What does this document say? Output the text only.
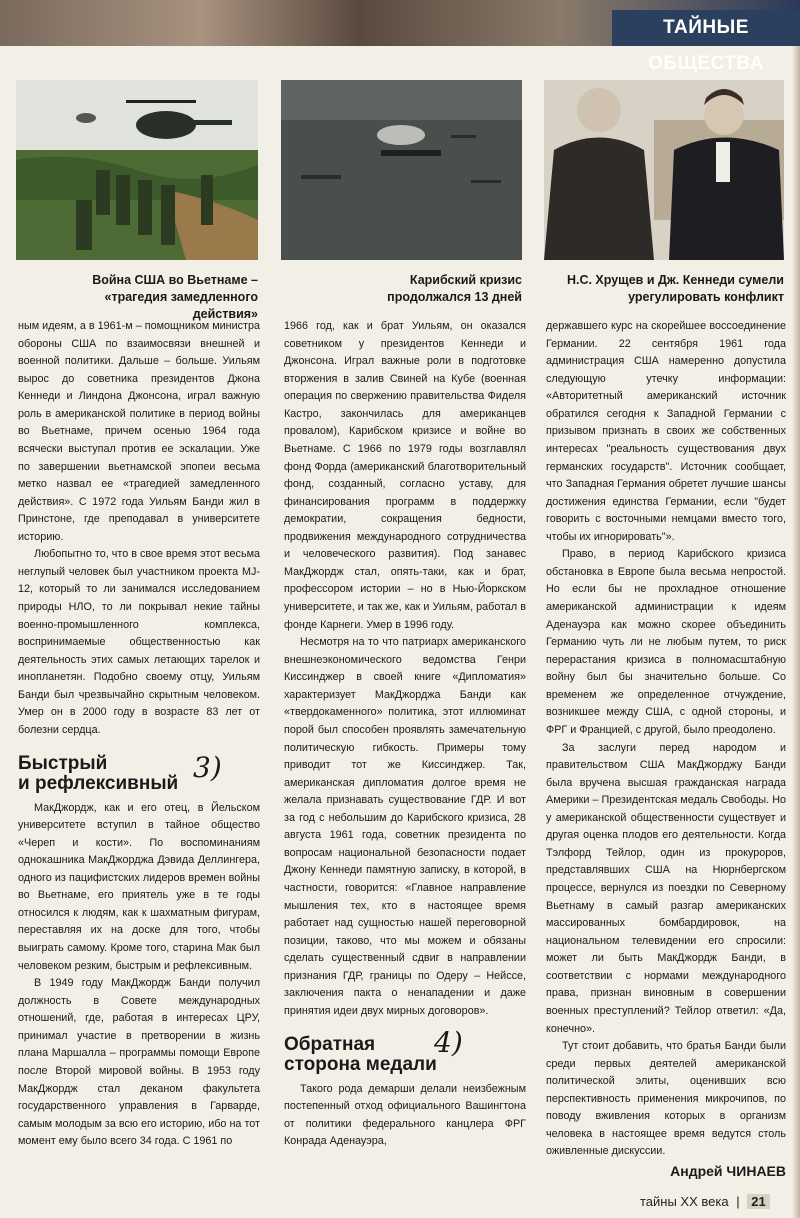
ТАЙНЫЕ ОБЩЕСТВА
Война США во Вьетнаме – «трагедия замедленного действия»
Карибский кризис продолжался 13 дней
Н.С. Хрущев и Дж. Кеннеди сумели урегулировать конфликт

ным идеям, а в 1961-м – помощником министра обороны США по взаимосвязи внешней и военной политики. Дальше – больше. Уильям вырос до советника президентов Джона Кеннеди и Линдона Джонсона, играл важную роль в американской политике в период войны во Вьетнаме, причем осенью 1964 года всячески выступал против ее эскалации. Уже по завершении вьетнамской эпопеи весьма метко назвал ее «трагедией замедленного действия». С 1972 года Уильям Банди жил в Принстоне, где преподавал в университете историю.

Любопытно то, что в свое время этот весьма неглупый человек был участником проекта MJ-12, который то ли занимался исследованием природы НЛО, то ли покрывал некие тайны военно-промышленного комплекса, воспринимаемые общественностью как деятельность этих самых летающих тарелок и инопланетян. Подобно своему отцу, Уильям Банди был чрезвычайно скрытным человеком. Умер он в 2000 году в возрасте 83 лет от болезни сердца.

Быстрый
и рефлексивный 3)

МакДжордж, как и его отец, в Йельском университете вступил в тайное общество «Череп и кости». По воспоминаниям однокашника МакДжорджа Дэвида Деллингера, одного из пацифистских лидеров времен войны во Вьетнаме, его приятель уже в те годы относился к людям, как к шахматным фигурам, переставляя их на доске для того, чтобы выиграть самому. Кроме того, старина Мак был человеком резким, быстрым и рефлексивным.

В 1949 году МакДжордж Банди получил должность в Совете международных отношений, где, работая в интересах ЦРУ, принимал участие в претворении в жизнь плана Маршалла – программы помощи Европе после Второй мировой войны. В 1953 году МакДжордж стал деканом факультета государственного управления в Гарварде, самым молодым за всю его историю, ибо на тот момент ему было всего 34 года. С 1961 по

1966 год, как и брат Уильям, он оказался советником у президентов Кеннеди и Джонсона. Играл важные роли в подготовке вторжения в залив Свиней на Кубе (военная операция по свержению правительства Фиделя Кастро, закончилась для американцев провалом), Карибском кризисе и войне во Вьетнаме. С 1966 по 1979 годы возглавлял фонд Форда (американский благотворительный фонд, созданный, согласно уставу, для финансирования программ в поддержку демократии, сокращения бедности, продвижения международного сотрудничества и человеческого развития). Под занавес МакДжордж стал, опять-таки, как и брат, профессором истории – но в Нью-Йоркском университете, и так же, как и Уильям, работал в фонде Карнеги. Умер в 1996 году.

Несмотря на то что патриарх американского внешнеэкономического ведомства Генри Киссинджер в своей книге «Дипломатия» характеризует МакДжорджа Банди как «твердокаменного» политика, этот иллюминат порой был способен проявлять замечательную политическую гибкость. Примеры тому приводит тот же Киссинджер. Так, американская дипломатия долгое время не желала признавать существование ГДР. И вот за год с небольшим до Карибского кризиса, 28 августа 1961 года, советник президента по вопросам национальной безопасности подает Джону Кеннеди памятную записку, в которой, в частности, говорится: «Главное направление мышления тех, кто в настоящее время работает над сущностью нашей переговорной позиции, таково, что мы можем и обязаны сделать существенный сдвиг в направлении признания ГДР, границы по Одеру – Нейссе, заключения пакта о ненападении и даже принятия идеи двух мирных договоров».

Обратная
сторона медали
4)

Такого рода демарши делали неизбежным постепенный отход официального Вашингтона от политики федерального канцлера ФРГ Конрада Аденауэра,

державшего курс на скорейшее воссоединение Германии. 22 сентября 1961 года администрация США намеренно допустила следующую утечку информации: «Авторитетный американский источник обратился сегодня к Западной Германии с призывом признать в своих же собственных интересах "реальность существования двух германских государств". Источник сообщает, что Западная Германия обретет лучшие шансы достижения единства Германии, если "будет говорить с восточными немцами вместо того, чтобы их игнорировать"».

Право, в период Карибского кризиса обстановка в Европе была весьма непростой. Но если бы не прохладное отношение американской администрации к идеям Аденауэра как можно скорее объединить Германию чуть ли не любым путем, то риск перерастания кризиса в полномасштабную войну был бы значительно больше. Со временем же определенное отчуждение, возникшее между США, с одной стороны, и ФРГ и Францией, с другой, было преодолено.

За заслуги перед народом и правительством США МакДжорджу Банди была вручена высшая гражданская награда Америки – Президентская медаль Свободы. Но у американской общественности существует и другая оценка плодов его деятельности. Когда Тэлфорд Тейлор, один из прокуроров, представлявших США на Нюрнбергском процессе, вернулся из поездки по Северному Вьетнаму в самый разгар американских массированных бомбардировок, на национальном телевидении его спросили: может ли быть МакДжордж Банди, в соответствии с нормами международного права, признан виновным в совершении военных преступлений? Тейлор ответил: «Да, конечно».

Тут стоит добавить, что братья Банди были среди первых деятелей американской политической элиты, оценивших всю перспективность применения микрочипов, по поводу вживления которых в организм человека в настоящее время ведутся столь оживленные дискуссии.

Андрей ЧИНАЕВ
тайны XX века | 21
